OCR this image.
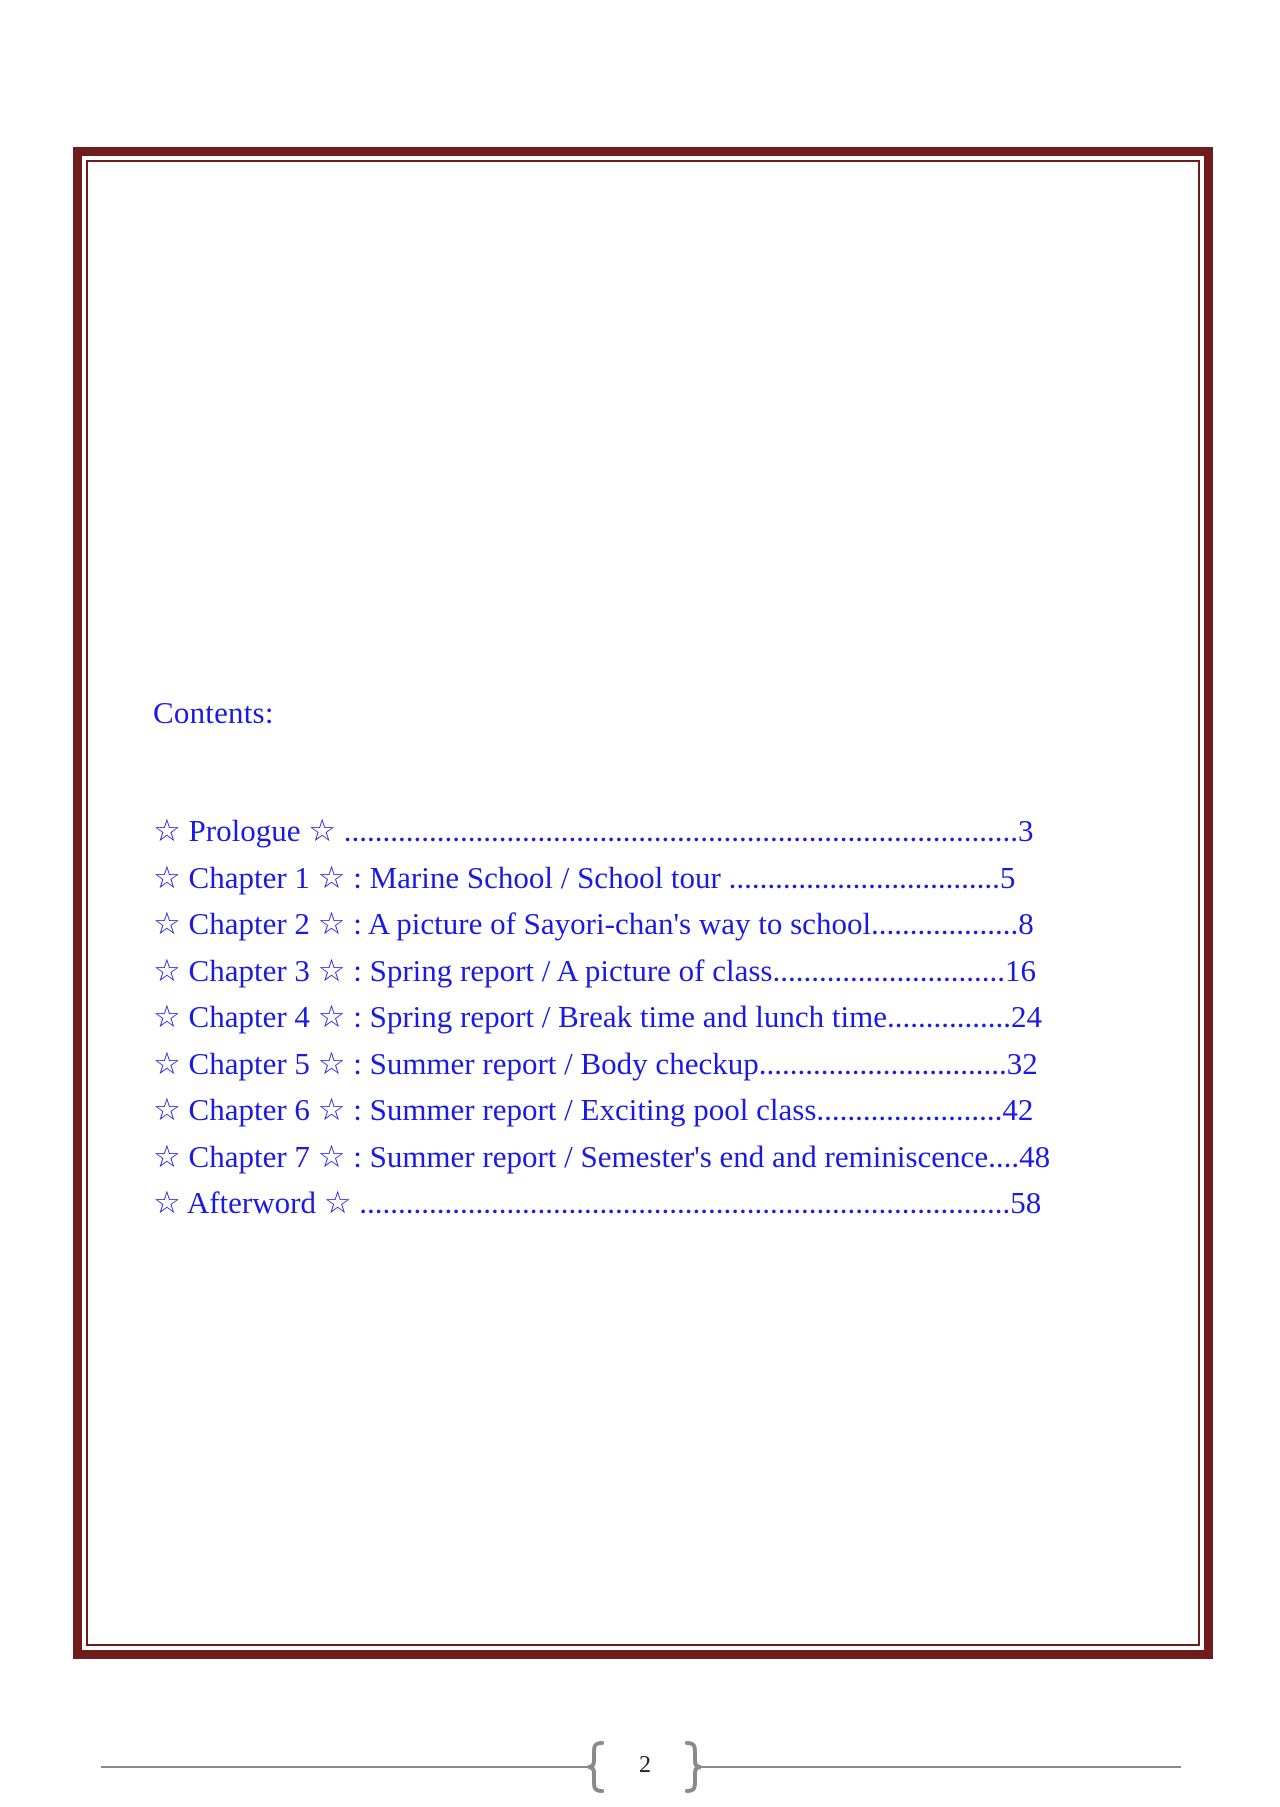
Contents:
☆ Prologue ☆ .......................................................................................3
☆ Chapter 1 ☆ : Marine School / School tour ...................................5
☆ Chapter 2 ☆ : A picture of Sayori-chan's way to school...................8
☆ Chapter 3 ☆ : Spring report / A picture of class..............................16
☆ Chapter 4 ☆ : Spring report / Break time and lunch time................24
☆ Chapter 5 ☆ : Summer report / Body checkup................................32
☆ Chapter 6 ☆ : Summer report / Exciting pool class........................42
☆ Chapter 7 ☆ : Summer report / Semester's end and reminiscence....48
☆ Afterword ☆ ....................................................................................58
2
